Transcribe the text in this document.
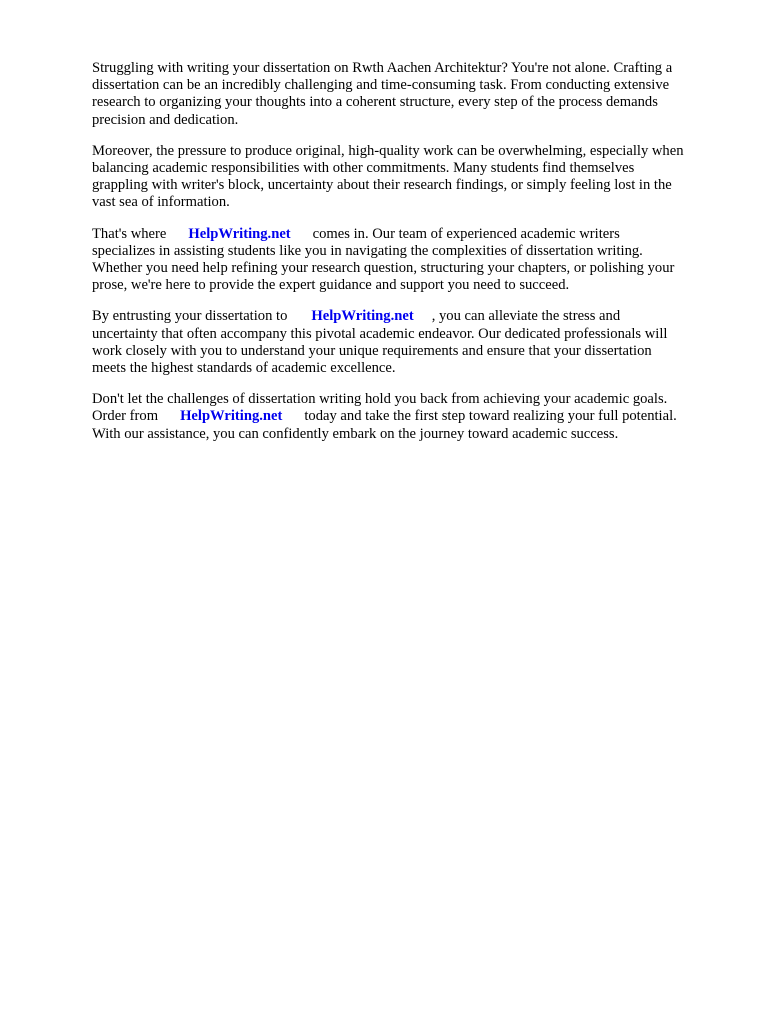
Struggling with writing your dissertation on Rwth Aachen Architektur? You're not alone. Crafting a
dissertation can be an incredibly challenging and time-consuming task. From conducting extensive
research to organizing your thoughts into a coherent structure, every step of the process demands
precision and dedication.

Moreover, the pressure to produce original, high-quality work can be overwhelming, especially when
balancing academic responsibilities with other commitments. Many students find themselves
grappling with writer's block, uncertainty about their research findings, or simply feeling lost in the
vast sea of information.

That's where HelpWriting.net comes in. Our team of experienced academic writers
specializes in assisting students like you in navigating the complexities of dissertation writing.
Whether you need help refining your research question, structuring your chapters, or polishing your
prose, we're here to provide the expert guidance and support you need to succeed.

By entrusting your dissertation to HelpWriting.net , you can alleviate the stress and
uncertainty that often accompany this pivotal academic endeavor. Our dedicated professionals will
work closely with you to understand your unique requirements and ensure that your dissertation
meets the highest standards of academic excellence.

Don't let the challenges of dissertation writing hold you back from achieving your academic goals.
Order from HelpWriting.net today and take the first step toward realizing your full potential.
With our assistance, you can confidently embark on the journey toward academic success.
